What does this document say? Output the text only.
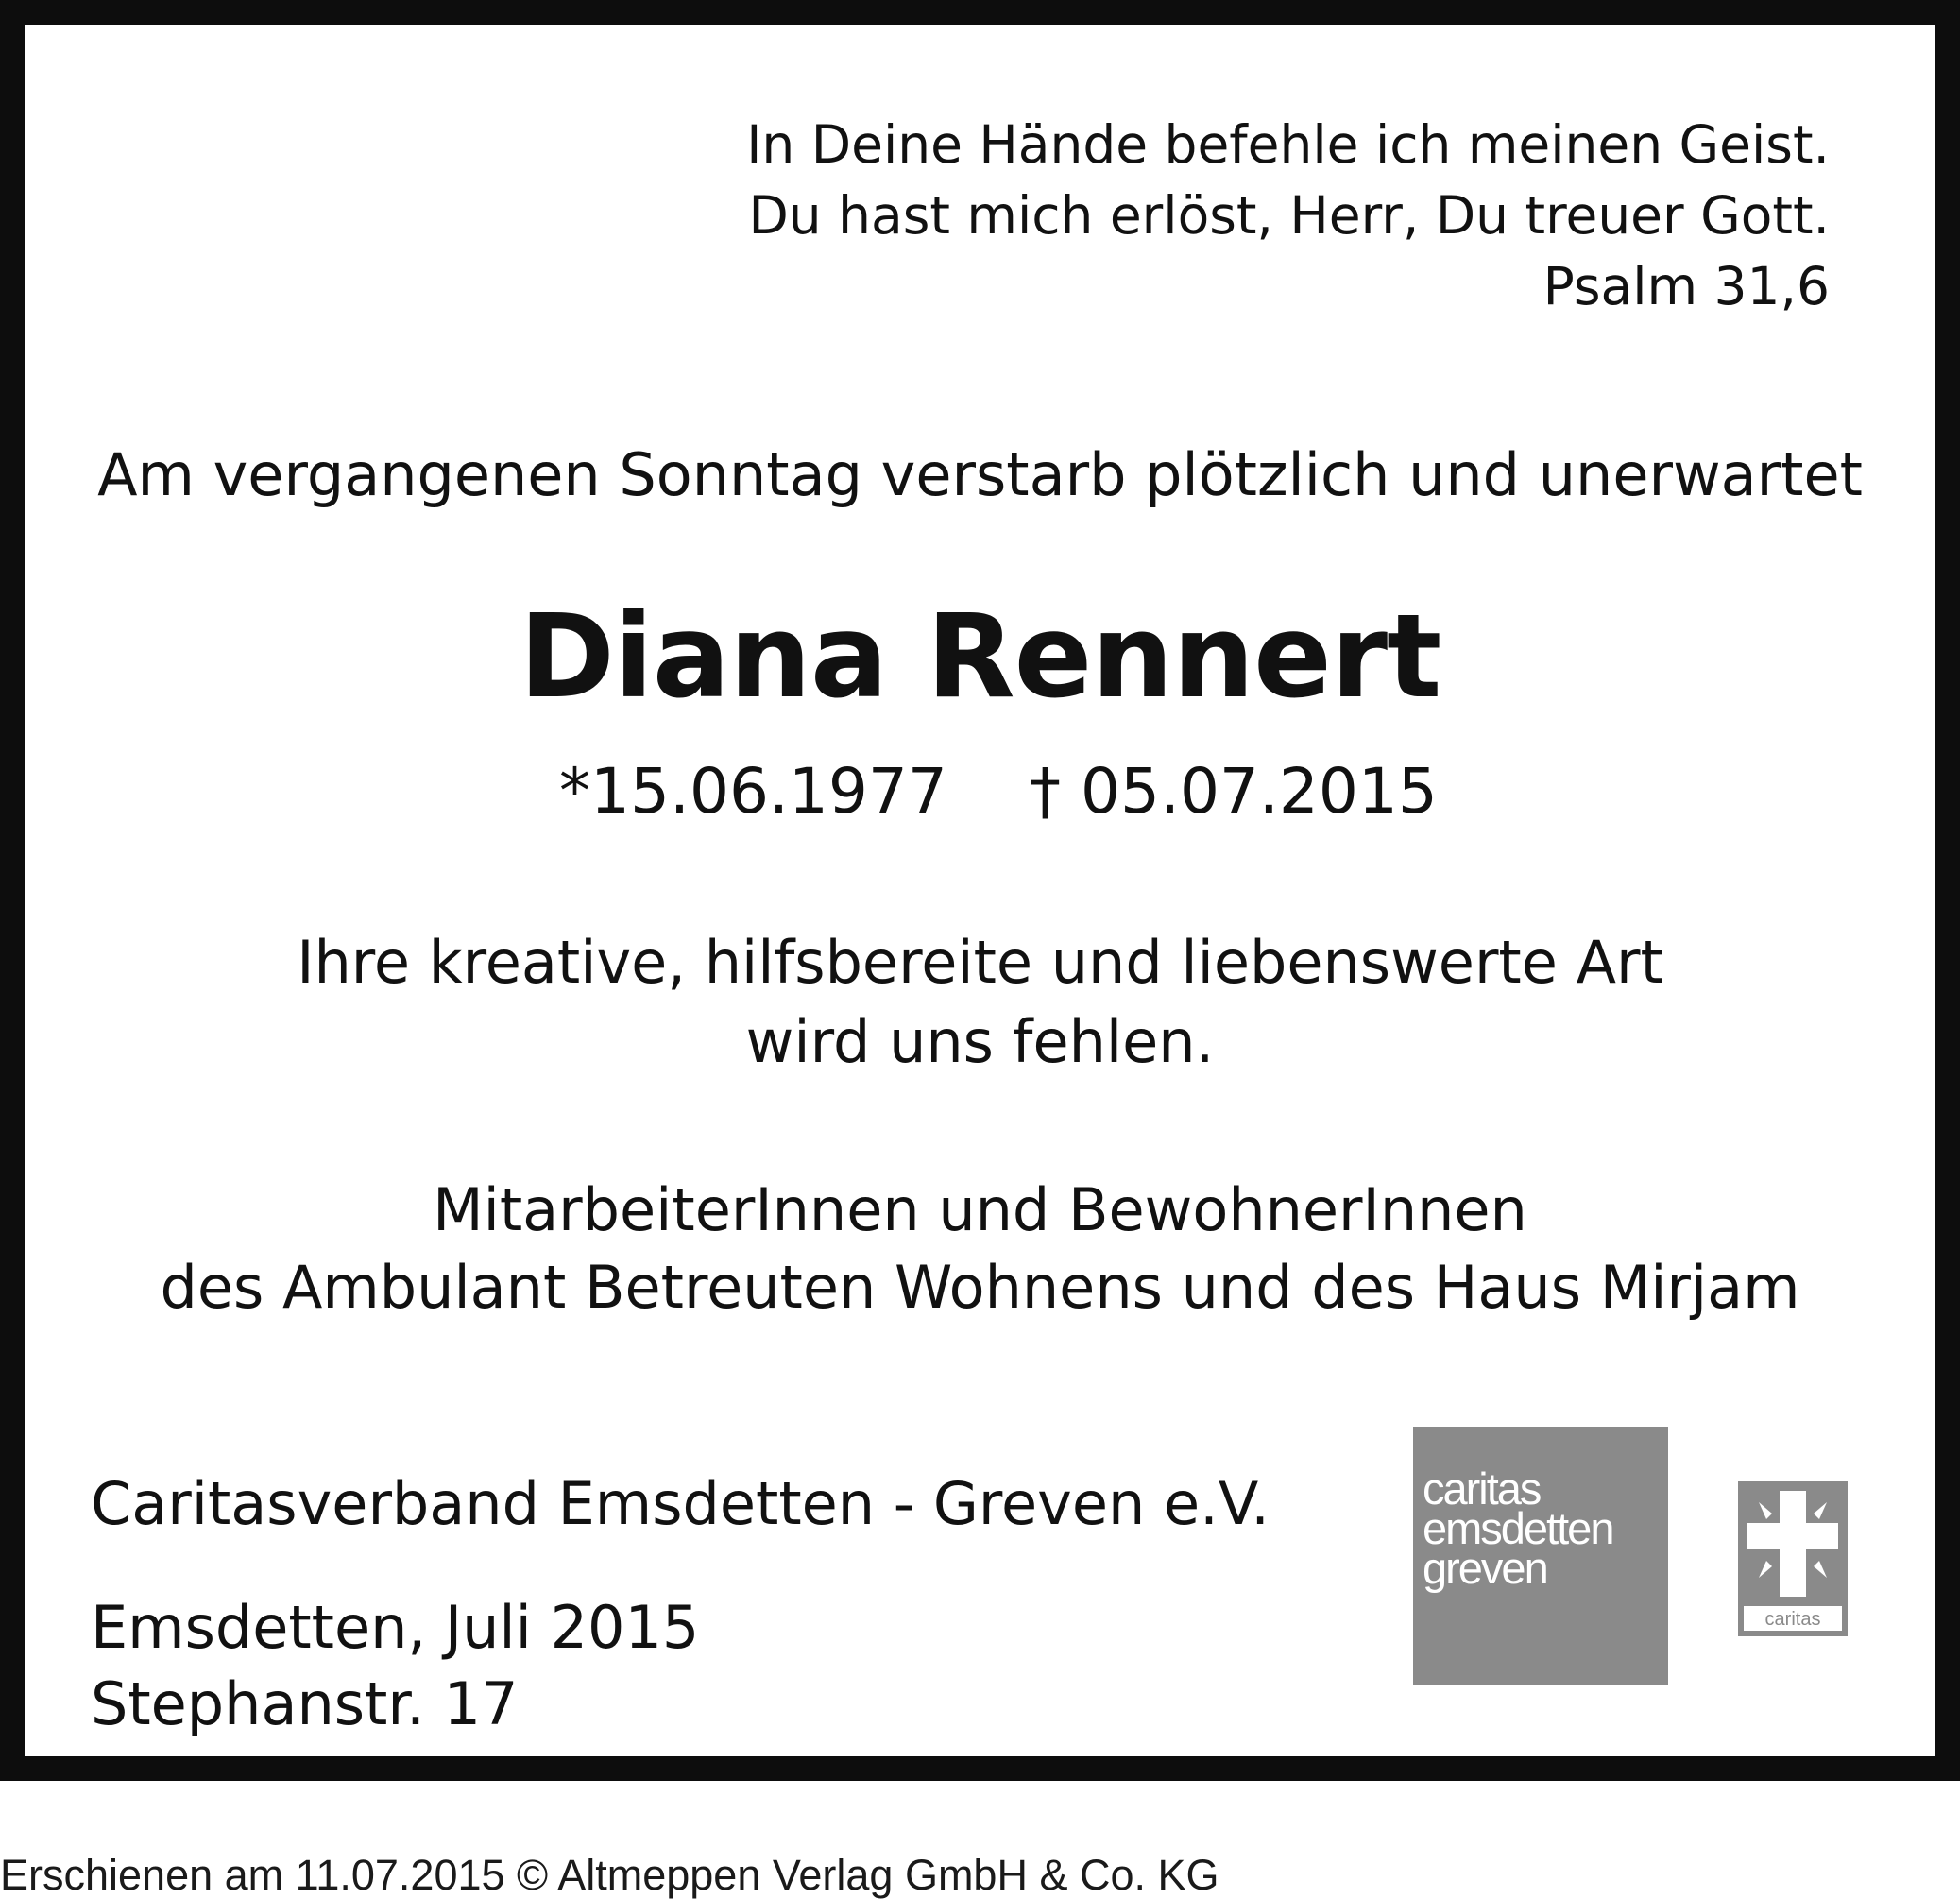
In Deine Hände befehle ich meinen Geist.

Du hast mich erlöst, Herr, Du treuer Gott.

Psalm 31,6

Am vergangenen Sonntag verstarb plötzlich und unerwartet

Diana Rennert

*15.06.1977 † 05.07.2015

Ihre kreative, hilfsbereite und liebenswerte Art

wird uns fehlen.

MitarbeiterInnen und BewohnerInnen

des Ambulant Betreuten Wohnens und des Haus Mirjam

Caritasverband Emsdetten - Greven e.V.

Emsdetten, Juli 2015

Stephanstr. 17

caritas
emsdetten
greven
caritas
Erschienen am 11.07.2015 © Altmeppen Verlag GmbH & Co. KG
